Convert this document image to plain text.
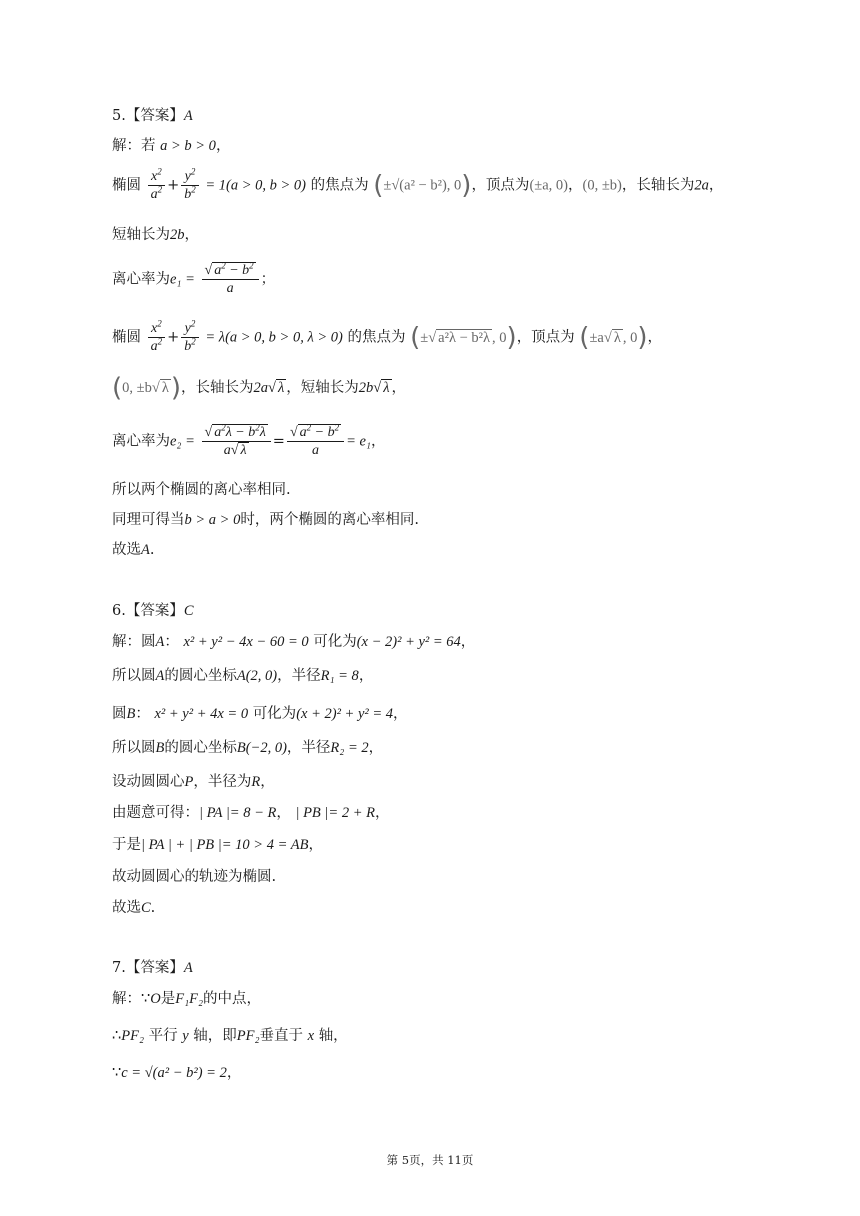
5.【答案】A
解：若 a > b > 0，
椭圆 $\frac{x^2}{a^2} + \frac{y^2}{b^2} = 1(a > 0$, b > 0) 的焦点为 (±√(a² − b²), 0)，顶点为(±a, 0)，(0, ±b)，长轴长为2a，
短轴长为2b，
离心率为$e_1 = \frac{√ a^2 - b^2}{a}$ ；
椭圆 $\frac{x^2}{a^2} + \frac{y^2}{b^2} = \lambda(a > 0$, b > 0, λ > 0) 的焦点为 (±√ a²λ − b²λ , 0)，顶点为 (±a√ λ , 0)，
(0, ±b√ λ)，长轴长为2a√ λ ，短轴长为2b√ λ ，
离心率为$e_2 = \frac{√ a^2\lambda - b^2\lambda}{a√ \lambda} = \frac{√ a^2 - b^2}{a} = e_1$，
所以两个椭圆的离心率相同.
同理可得当b > a > 0时，两个椭圆的离心率相同.
故选A.
6.【答案】C
解：圆A： x² + y² − 4x − 60 = 0 可化为(x − 2)² + y² = 64，
所以圆A的圆心坐标A(2, 0)，半径R₁ = 8，
圆B： x² + y² + 4x = 0 可化为(x + 2)² + y² = 4，
所以圆B的圆心坐标B(−2, 0)，半径R₂ = 2，
设动圆圆心P，半径为R，
由题意可得：| PA |= 8 − R， | PB |= 2 + R，
于是| PA | + | PB |= 10 > 4 = AB，
故动圆圆心的轨迹为椭圆.
故选C.
7.【答案】A
解：∵O是F₁F₂的中点，
∴PF₂ 平行 y 轴，即PF₂垂直于 x 轴，
∵c = √(a² − b²) = 2，
第 5页，共 11页
